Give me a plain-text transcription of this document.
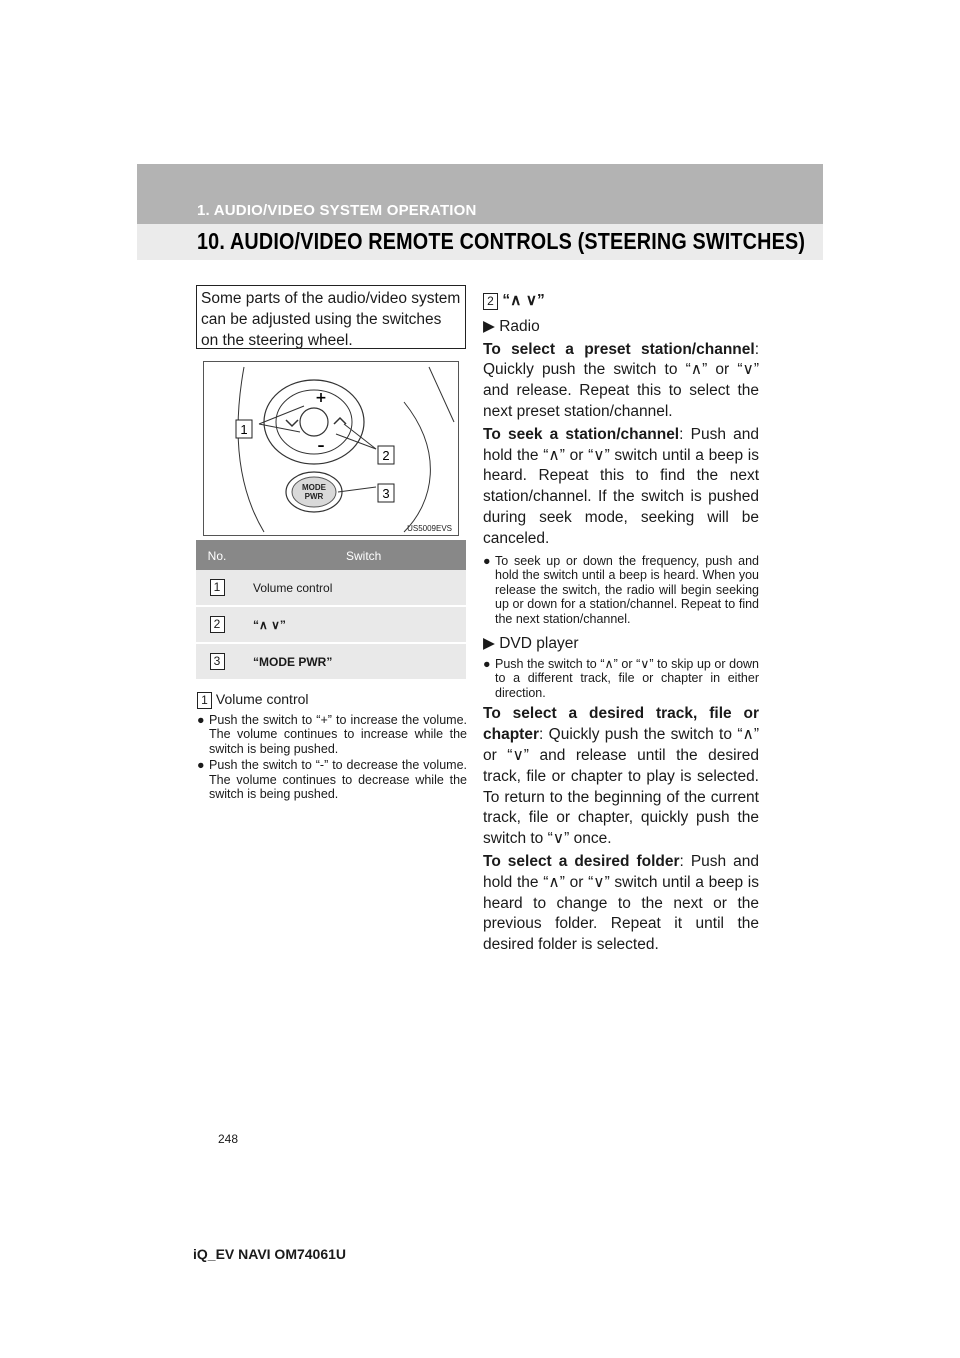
1. AUDIO/VIDEO SYSTEM OPERATION
10. AUDIO/VIDEO REMOTE CONTROLS (STEERING SWITCHES)
Some parts of the audio/video system can be adjusted using the switches on the steering wheel.
+
–
MODE
PWR
1
2
3
US5009EVS
No.	Switch
1	Volume control
2	“∧ ∨”
3	“MODE PWR”
1 Volume control
● Push the switch to “+” to increase the volume. The volume continues to increase while the switch is being pushed.
● Push the switch to “-” to decrease the volume. The volume continues to decrease while the switch is being pushed.
2 “∧ ∨”
▶ Radio
To select a preset station/channel: Quickly push the switch to “∧” or “∨” and release. Repeat this to select the next preset station/channel.
To seek a station/channel: Push and hold the “∧” or “∨” switch until a beep is heard. Repeat this to find the next station/channel. If the switch is pushed during seek mode, seeking will be canceled.
● To seek up or down the frequency, push and hold the switch until a beep is heard. When you release the switch, the radio will begin seeking up or down for a station/channel. Repeat to find the next station/channel.
▶ DVD player
● Push the switch to “∧” or “∨” to skip up or down to a different track, file or chapter in either direction.
To select a desired track, file or chapter: Quickly push the switch to “∧” or “∨” and release until the desired track, file or chapter to play is selected. To return to the beginning of the current track, file or chapter, quickly push the switch to “∨” once.
To select a desired folder: Push and hold the “∧” or “∨” switch until a beep is heard to change to the next or the previous folder. Repeat it until the desired folder is selected.
248
iQ_EV NAVI OM74061U
